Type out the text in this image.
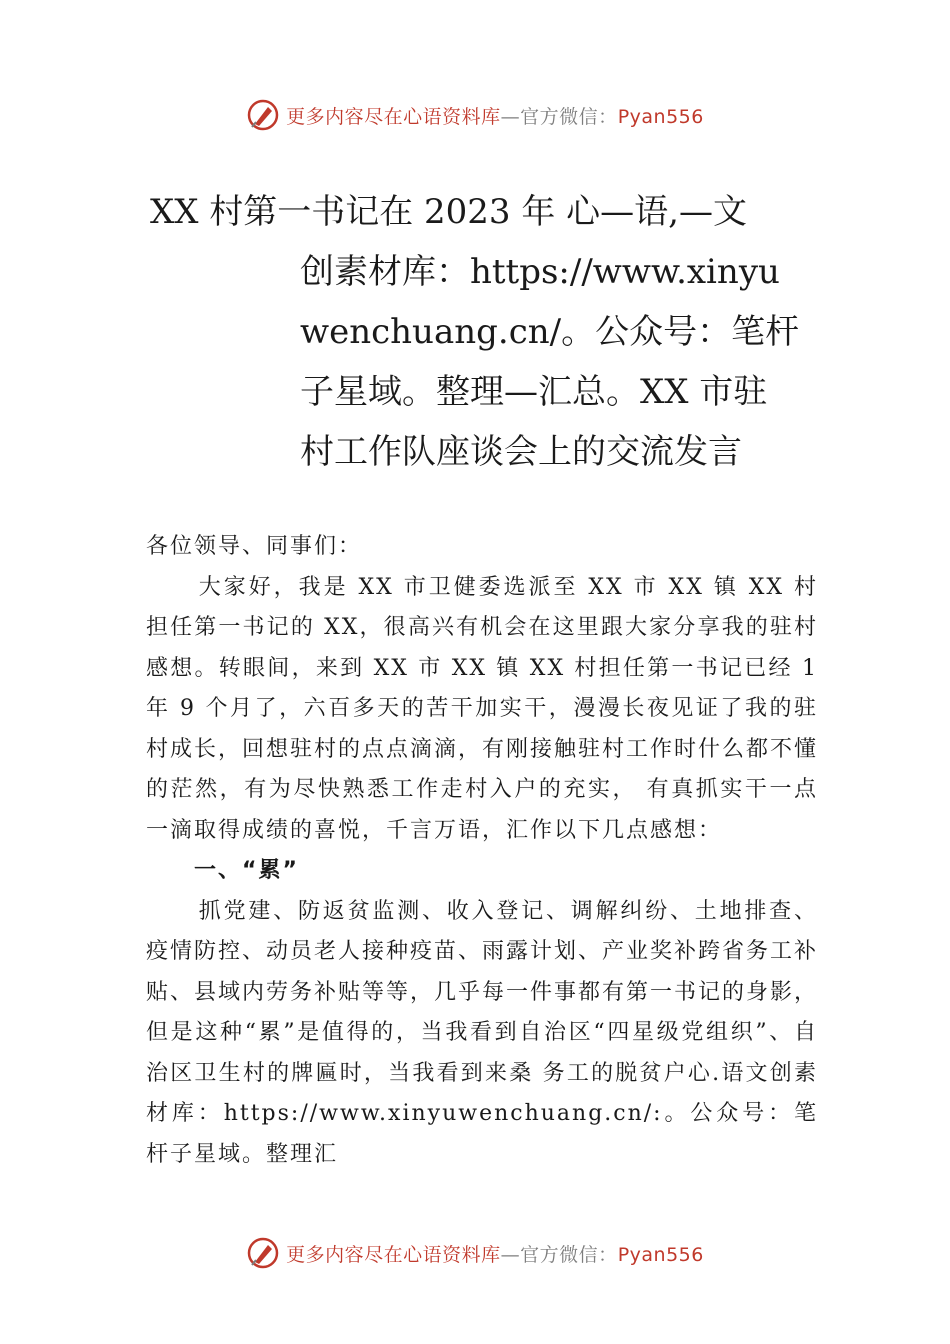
更多内容尽在心语资料库—官方微信：Pyan556
XX 村第一书记在 2023 年 心—语,—文
创素材库：https://www.xinyuwenchuang.cn/。公众号：笔杆子星域。整理—汇总。XX 市驻村工作队座谈会上的交流发言

各位领导、同事们：

大家好，我是 XX 市卫健委选派至 XX 市 XX 镇 XX 村担任第一书记的 XX，很高兴有机会在这里跟大家分享我的驻村感想。转眼间，来到 XX 市 XX 镇 XX 村担任第一书记已经 1 年 9 个月了，六百多天的苦干加实干，漫漫长夜见证了我的驻村成长，回想驻村的点点滴滴，有刚接触驻村工作时什么都不懂的茫然，有为尽快熟悉工作走村入户的充实， 有真抓实干一点一滴取得成绩的喜悦，千言万语，汇作以下几点感想：

一、“累”

抓党建、防返贫监测、收入登记、调解纠纷、土地排查、疫情防控、动员老人接种疫苗、雨露计划、产业奖补跨省务工补贴、县域内劳务补贴等等，几乎每一件事都有第一书记的身影，但是这种“累”是值得的，当我看到自治区“四星级党组织”、自治区卫生村的牌匾时，当我看到来桑 务工的脱贫户心.语文创素材库：https://www.xinyuwenchuang.cn/:。公众号：笔杆子星域。整理汇

更多内容尽在心语资料库—官方微信：Pyan556
